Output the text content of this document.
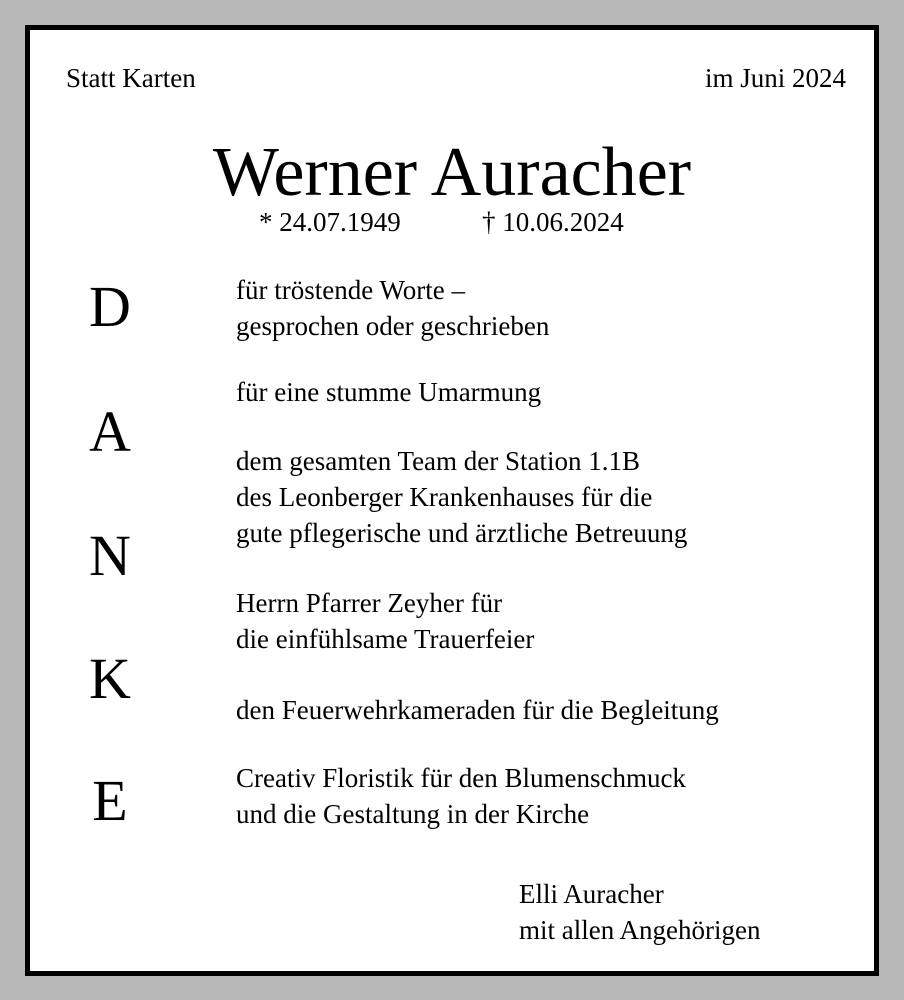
Statt Karten	im Juni 2024
Werner Auracher
* 24.07.1949	† 10.06.2024
D
A
N
K
E
für tröstende Worte –
gesprochen oder geschrieben
für eine stumme Umarmung
dem gesamten Team der Station 1.1B
des Leonberger Krankenhauses für die
gute pflegerische und ärztliche Betreuung
Herrn Pfarrer Zeyher für
die einfühlsame Trauerfeier
den Feuerwehrkameraden für die Begleitung
Creativ Floristik für den Blumenschmuck
und die Gestaltung in der Kirche
Elli Auracher
mit allen Angehörigen
